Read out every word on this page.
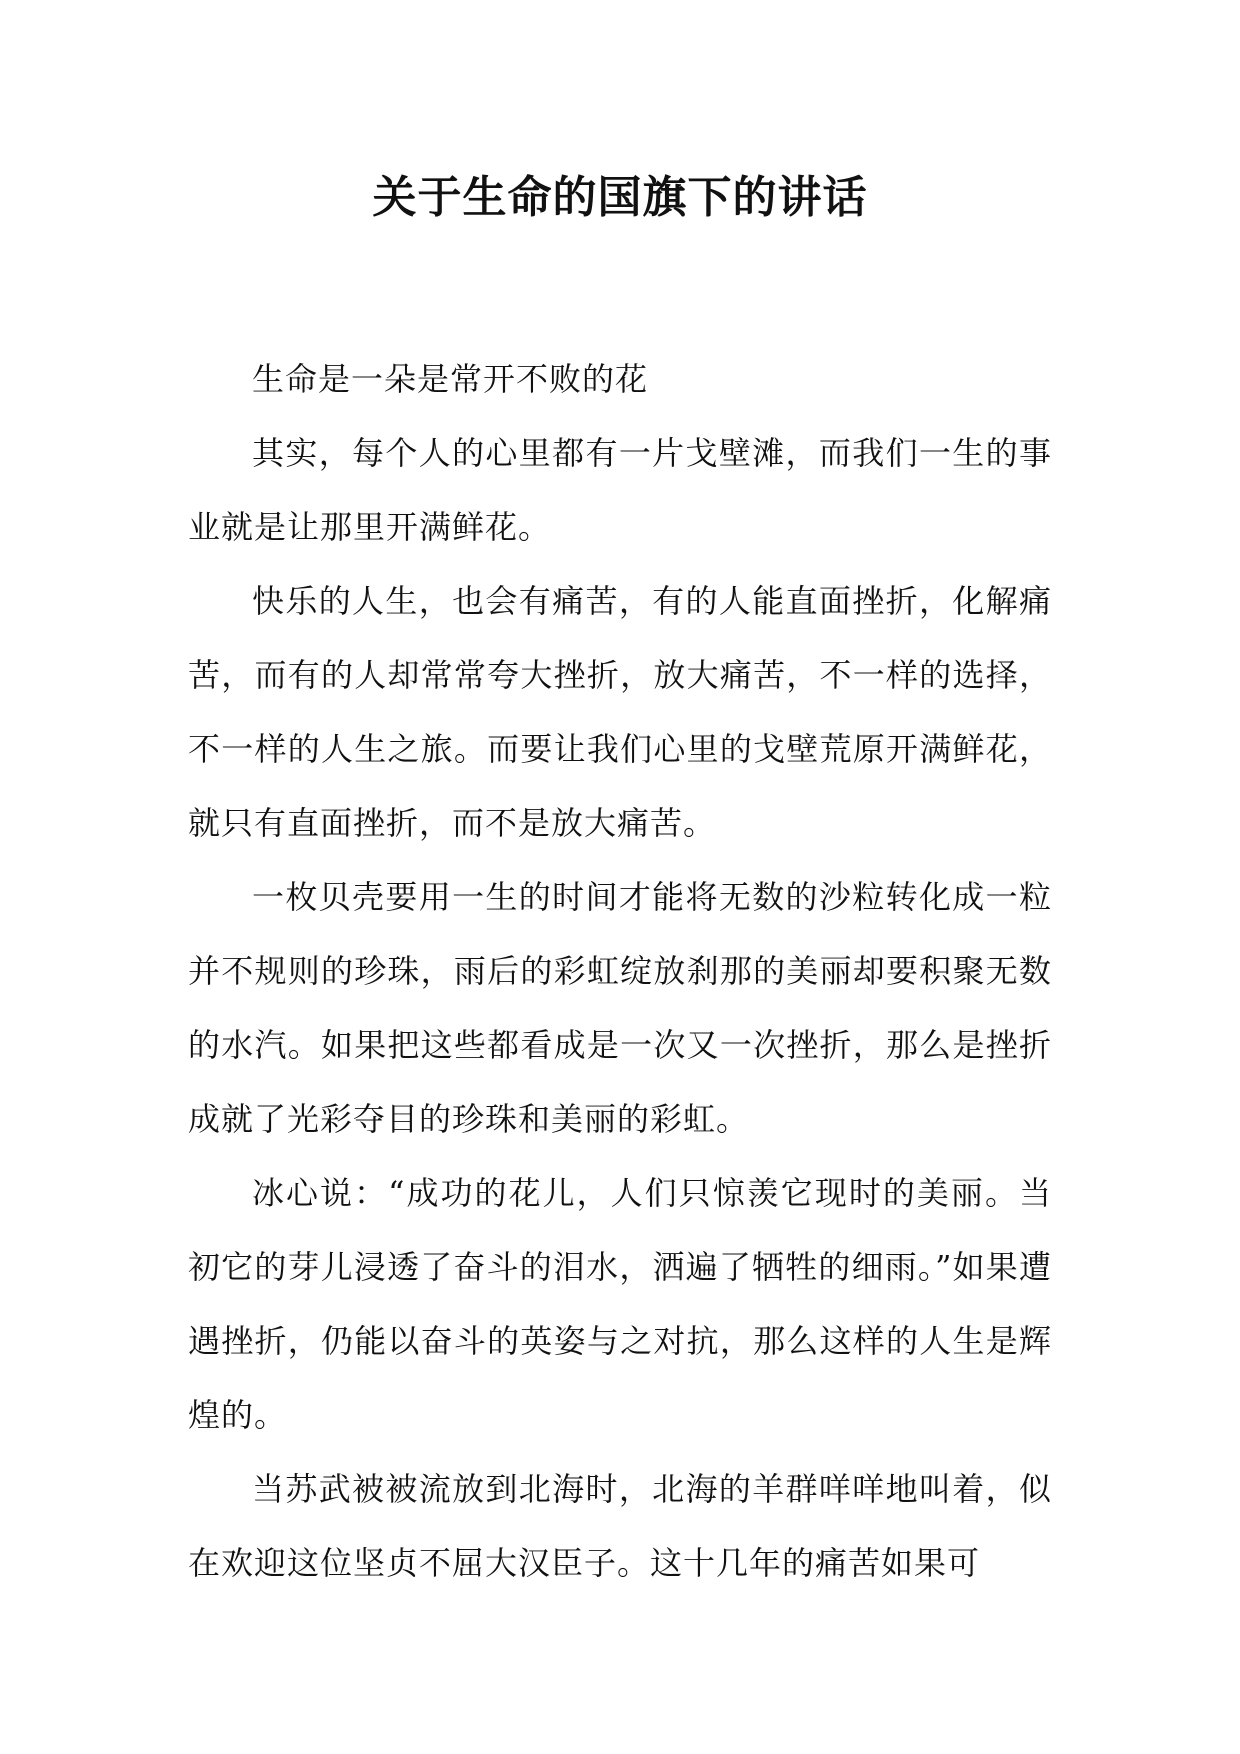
关于生命的国旗下的讲话

生命是一朵是常开不败的花

其实，每个人的心里都有一片戈壁滩，而我们一生的事业就是让那里开满鲜花。

快乐的人生，也会有痛苦，有的人能直面挫折，化解痛苦，而有的人却常常夸大挫折，放大痛苦，不一样的选择，不一样的人生之旅。而要让我们心里的戈壁荒原开满鲜花，就只有直面挫折，而不是放大痛苦。

一枚贝壳要用一生的时间才能将无数的沙粒转化成一粒并不规则的珍珠，雨后的彩虹绽放刹那的美丽却要积聚无数的水汽。如果把这些都看成是一次又一次挫折，那么是挫折成就了光彩夺目的珍珠和美丽的彩虹。

冰心说：“成功的花儿，人们只惊羡它现时的美丽。当初它的芽儿浸透了奋斗的泪水，洒遍了牺牲的细雨。”如果遭遇挫折，仍能以奋斗的英姿与之对抗，那么这样的人生是辉煌的。

当苏武被被流放到北海时，北海的羊群咩咩地叫着，似在欢迎这位坚贞不屈大汉臣子。这十几年的痛苦如果可
